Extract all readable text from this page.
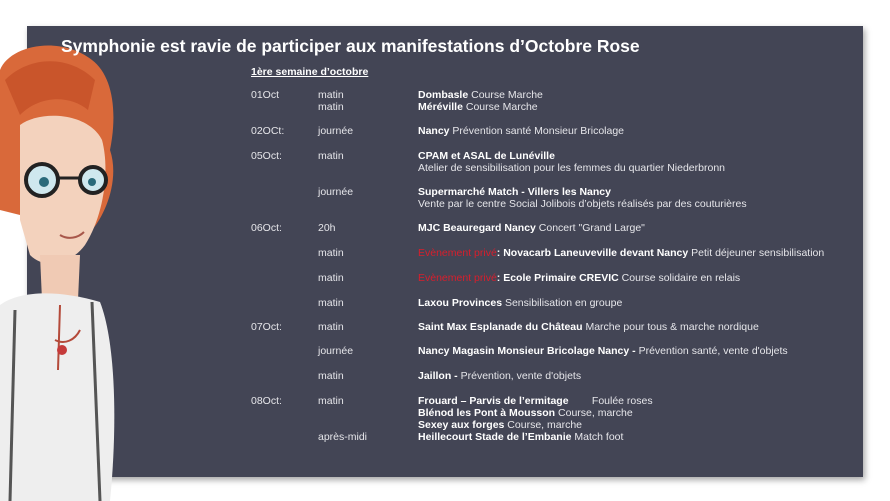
Symphonie est ravie de participer aux manifestations d’Octobre Rose
1ère semaine d’octobre
01Oct	matin	Dombasle Course Marche
matin	Méréville Course Marche
02OCt:	journée	Nancy Prévention santé Monsieur Bricolage
05Oct:	matin	CPAM et ASAL de Lunéville
Atelier de sensibilisation pour les femmes du quartier Niederbronn
journée	Supermarché Match - Villers les Nancy
Vente par le centre Social Jolibois d’objets réalisés par des couturières
06Oct:	20h	MJC Beauregard Nancy Concert "Grand Large"
matin	Evènement privé: Novacarb Laneuveville devant Nancy Petit déjeuner sensibilisation
matin	Evènement privé: Ecole Primaire CREVIC Course solidaire en relais
matin	Laxou Provinces Sensibilisation en groupe
07Oct:	matin	Saint Max Esplanade du Château Marche pour tous & marche nordique
journée	Nancy Magasin Monsieur Bricolage Nancy - Prévention santé, vente d'objets
matin	Jaillon - Prévention, vente d'objets
08Oct:	matin	Frouard – Parvis de l’ermitage        Foulée roses
Blénod les Pont à Mousson Course, marche
Sexey aux forges Course, marche
après-midi	Heillecourt Stade de l’Embanie Match foot
